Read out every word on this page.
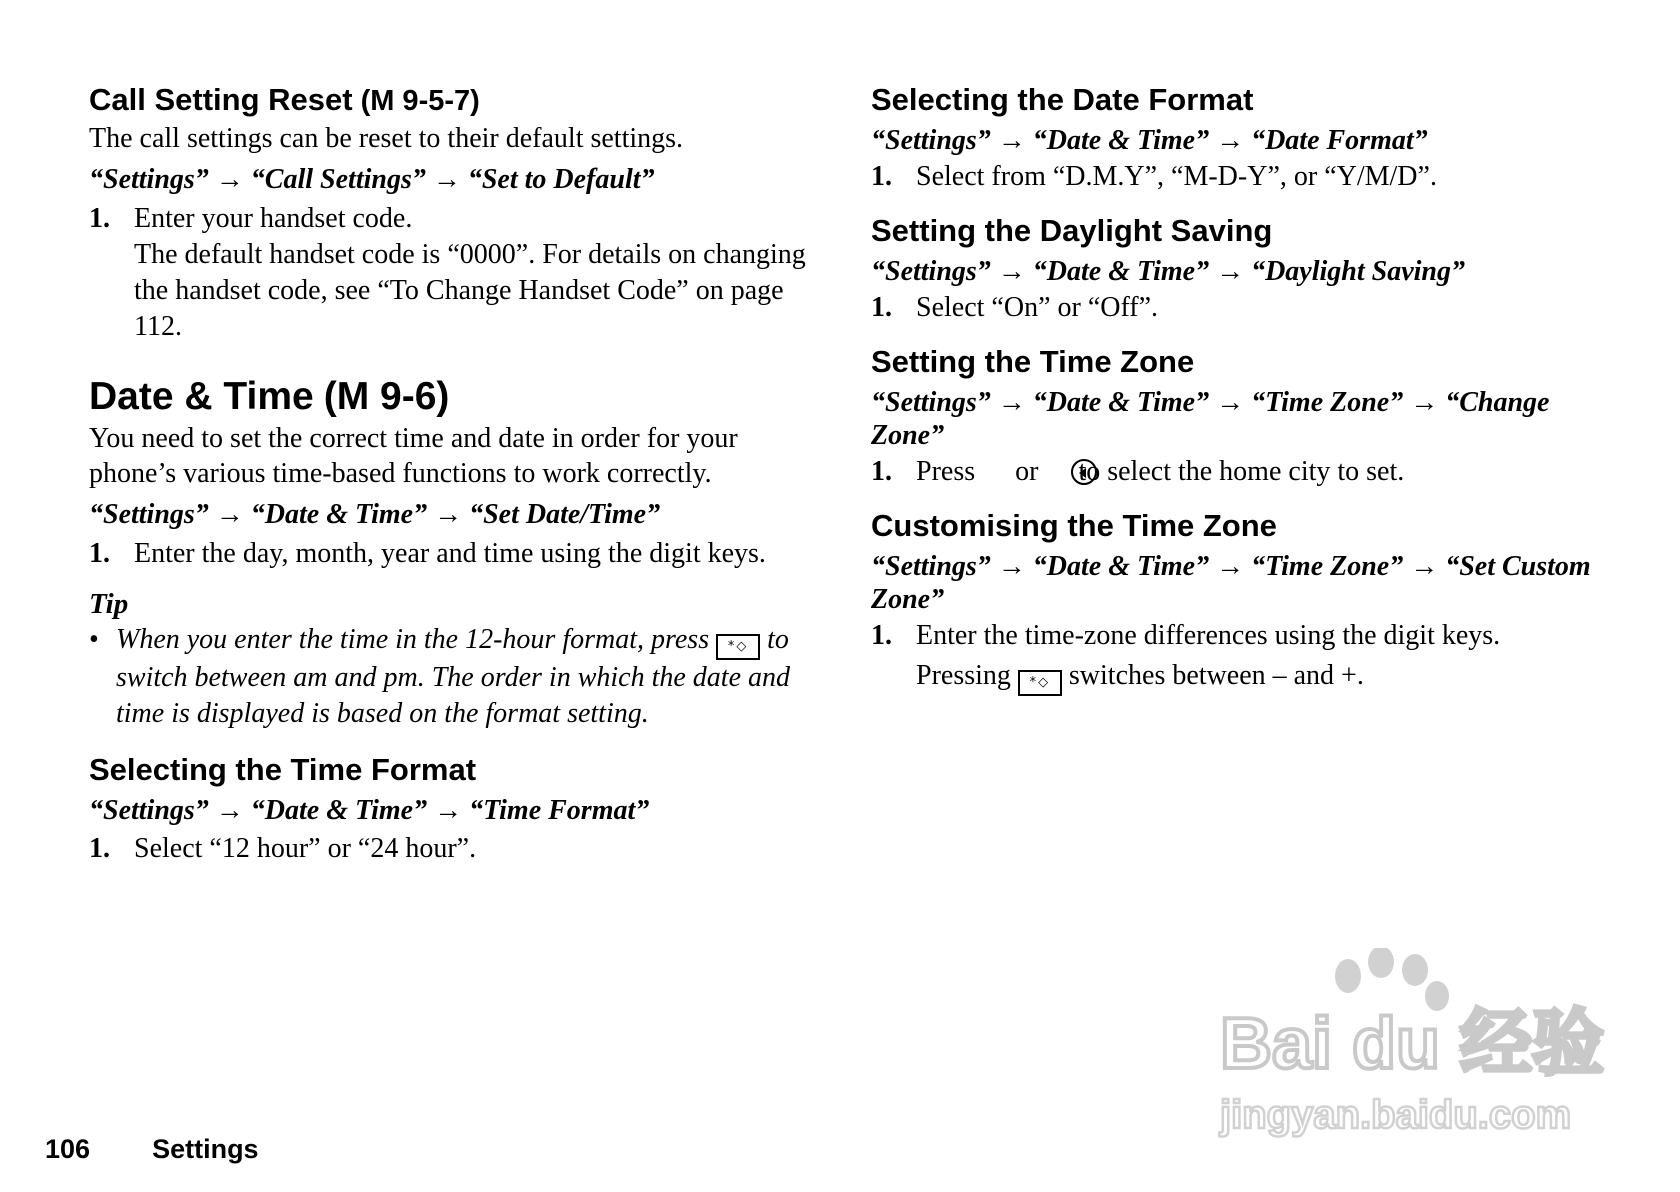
Call Setting Reset (M 9-5-7)

The call settings can be reset to their default settings.

“Settings” → “Call Settings” → “Set to Default”

1. Enter your handset code.

The default handset code is “0000”. For details on changing the handset code, see “To Change Handset Code” on page 112.

Date & Time (M 9-6)

You need to set the correct time and date in order for your phone’s various time-based functions to work correctly.

“Settings” → “Date & Time” → “Set Date/Time”

1. Enter the day, month, year and time using the digit keys.

Tip

• When you enter the time in the 12-hour format, press *◇ to switch between am and pm. The order in which the date and time is displayed is based on the format setting.

Selecting the Time Format

“Settings” → “Date & Time” → “Time Format”

1. Select “12 hour” or “24 hour”.

Selecting the Date Format

“Settings” → “Date & Time” → “Date Format”

1. Select from “D.M.Y”, “M-D-Y”, or “Y/M/D”.

Setting the Daylight Saving

“Settings” → “Date & Time” → “Daylight Saving”

1. Select “On” or “Off”.

Setting the Time Zone

“Settings” → “Date & Time” → “Time Zone” → “Change Zone”

1. Press or to select the home city to set.

Customising the Time Zone

“Settings” → “Date & Time” → “Time Zone” → “Set Custom Zone”

1. Enter the time-zone differences using the digit keys.

Pressing *◇ switches between – and +.

106 Settings
Bai du 经验
jingyan.baidu.com
